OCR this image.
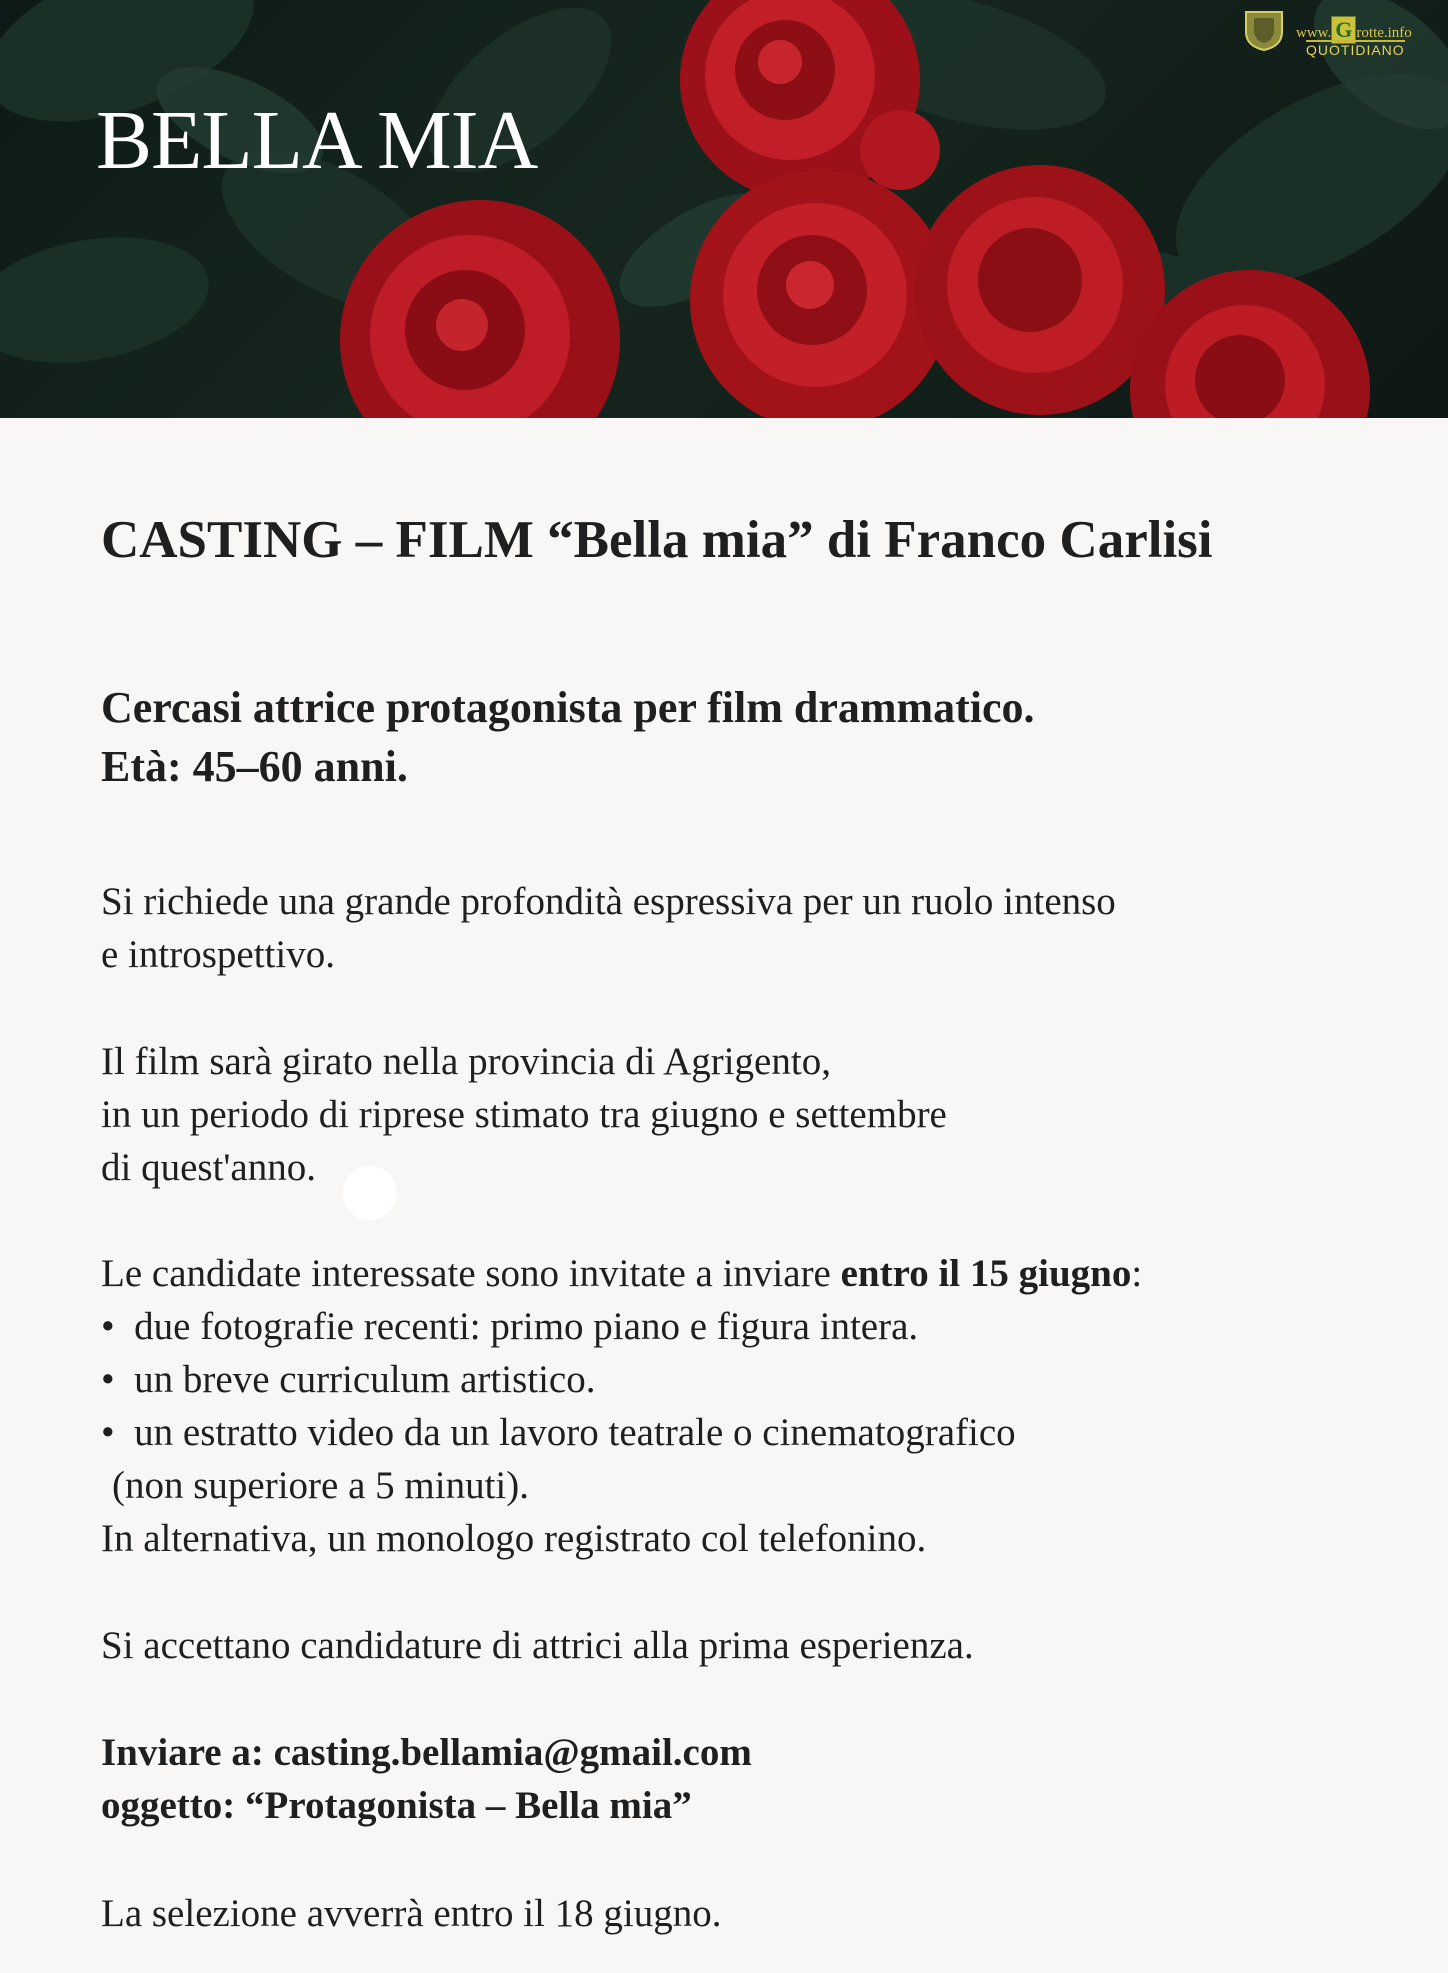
BELLA MIA
www. G rotte.info
QUOTIDIANO
CASTING – FILM “Bella mia” di Franco Carlisi
Cercasi attrice protagonista per film drammatico.
Età: 45–60 anni.
Si richiede una grande profondità espressiva per un ruolo intenso
e introspettivo.
Il film sarà girato nella provincia di Agrigento,
in un periodo di riprese stimato tra giugno e settembre
di quest'anno.
Le candidate interessate sono invitate a inviare entro il 15 giugno:
• due fotografie recenti: primo piano e figura intera.
• un breve curriculum artistico.
• un estratto video da un lavoro teatrale o cinematografico
(non superiore a 5 minuti).
In alternativa, un monologo registrato col telefonino.
Si accettano candidature di attrici alla prima esperienza.
Inviare a: casting.bellamia@gmail.com
oggetto: “Protagonista – Bella mia”
La selezione avverrà entro il 18 giugno.
